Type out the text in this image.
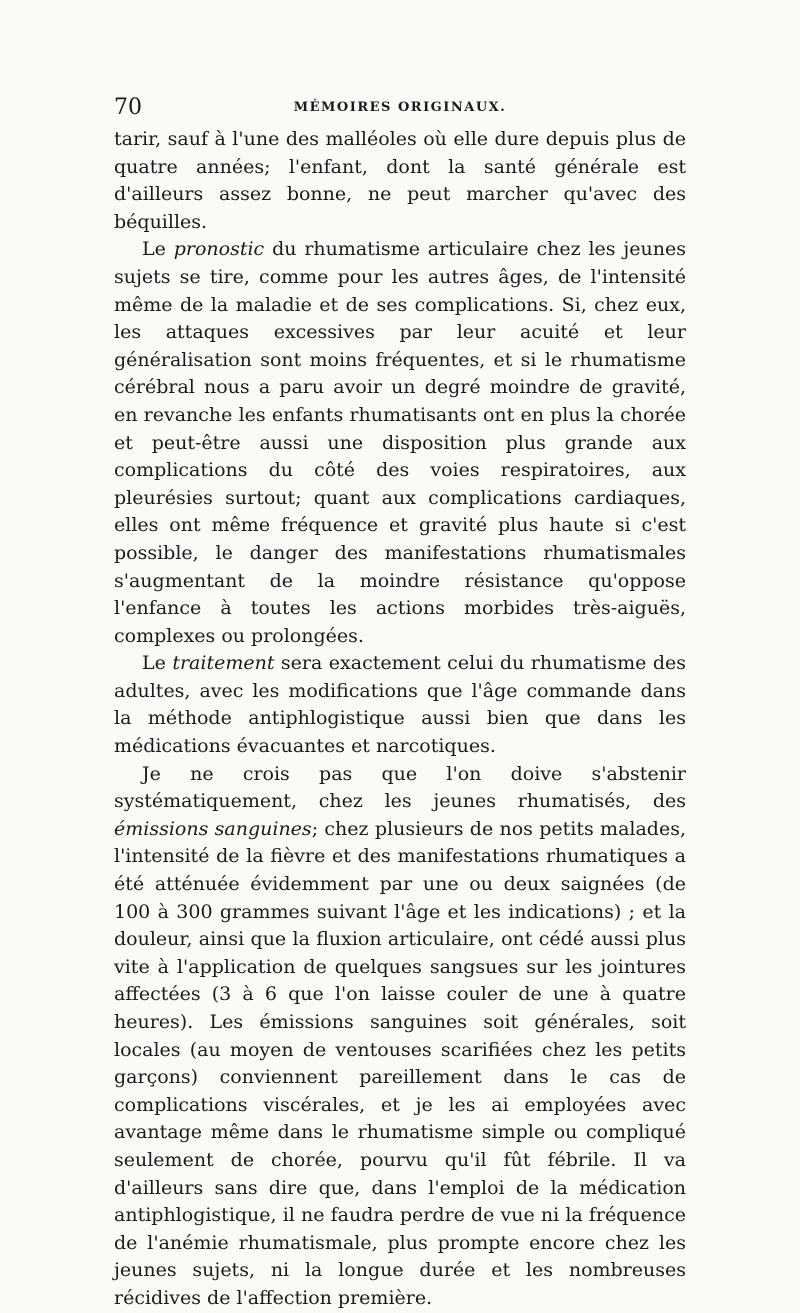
70	MÉMOIRES ORIGINAUX.

tarir, sauf à l'une des malléoles où elle dure depuis plus de quatre années; l'enfant, dont la santé générale est d'ailleurs assez bonne, ne peut marcher qu'avec des béquilles.

Le pronostic du rhumatisme articulaire chez les jeunes sujets se tire, comme pour les autres âges, de l'intensité même de la maladie et de ses complications. Si, chez eux, les attaques excessives par leur acuité et leur généralisation sont moins fréquentes, et si le rhumatisme cérébral nous a paru avoir un degré moindre de gravité, en revanche les enfants rhumatisants ont en plus la chorée et peut-être aussi une disposition plus grande aux complications du côté des voies respiratoires, aux pleurésies surtout; quant aux complications cardiaques, elles ont même fréquence et gravité plus haute si c'est possible, le danger des manifestations rhumatismales s'augmentant de la moindre résistance qu'oppose l'enfance à toutes les actions morbides très-aiguës, complexes ou prolongées.

Le traitement sera exactement celui du rhumatisme des adultes, avec les modifications que l'âge commande dans la méthode antiphlogistique aussi bien que dans les médications évacuantes et narcotiques.

Je ne crois pas que l'on doive s'abstenir systématiquement, chez les jeunes rhumatisés, des émissions sanguines; chez plusieurs de nos petits malades, l'intensité de la fièvre et des manifestations rhumatiques a été atténuée évidemment par une ou deux saignées (de 100 à 300 grammes suivant l'âge et les indications) ; et la douleur, ainsi que la fluxion articulaire, ont cédé aussi plus vite à l'application de quelques sangsues sur les jointures affectées (3 à 6 que l'on laisse couler de une à quatre heures). Les émissions sanguines soit générales, soit locales (au moyen de ventouses scarifiées chez les petits garçons) conviennent pareillement dans le cas de complications viscérales, et je les ai employées avec avantage même dans le rhumatisme simple ou compliqué seulement de chorée, pourvu qu'il fût fébrile. Il va d'ailleurs sans dire que, dans l'emploi de la médication antiphlogistique, il ne faudra perdre de vue ni la fréquence de l'anémie rhumatismale, plus prompte encore chez les jeunes sujets, ni la longue durée et les nombreuses récidives de l'affection première.
